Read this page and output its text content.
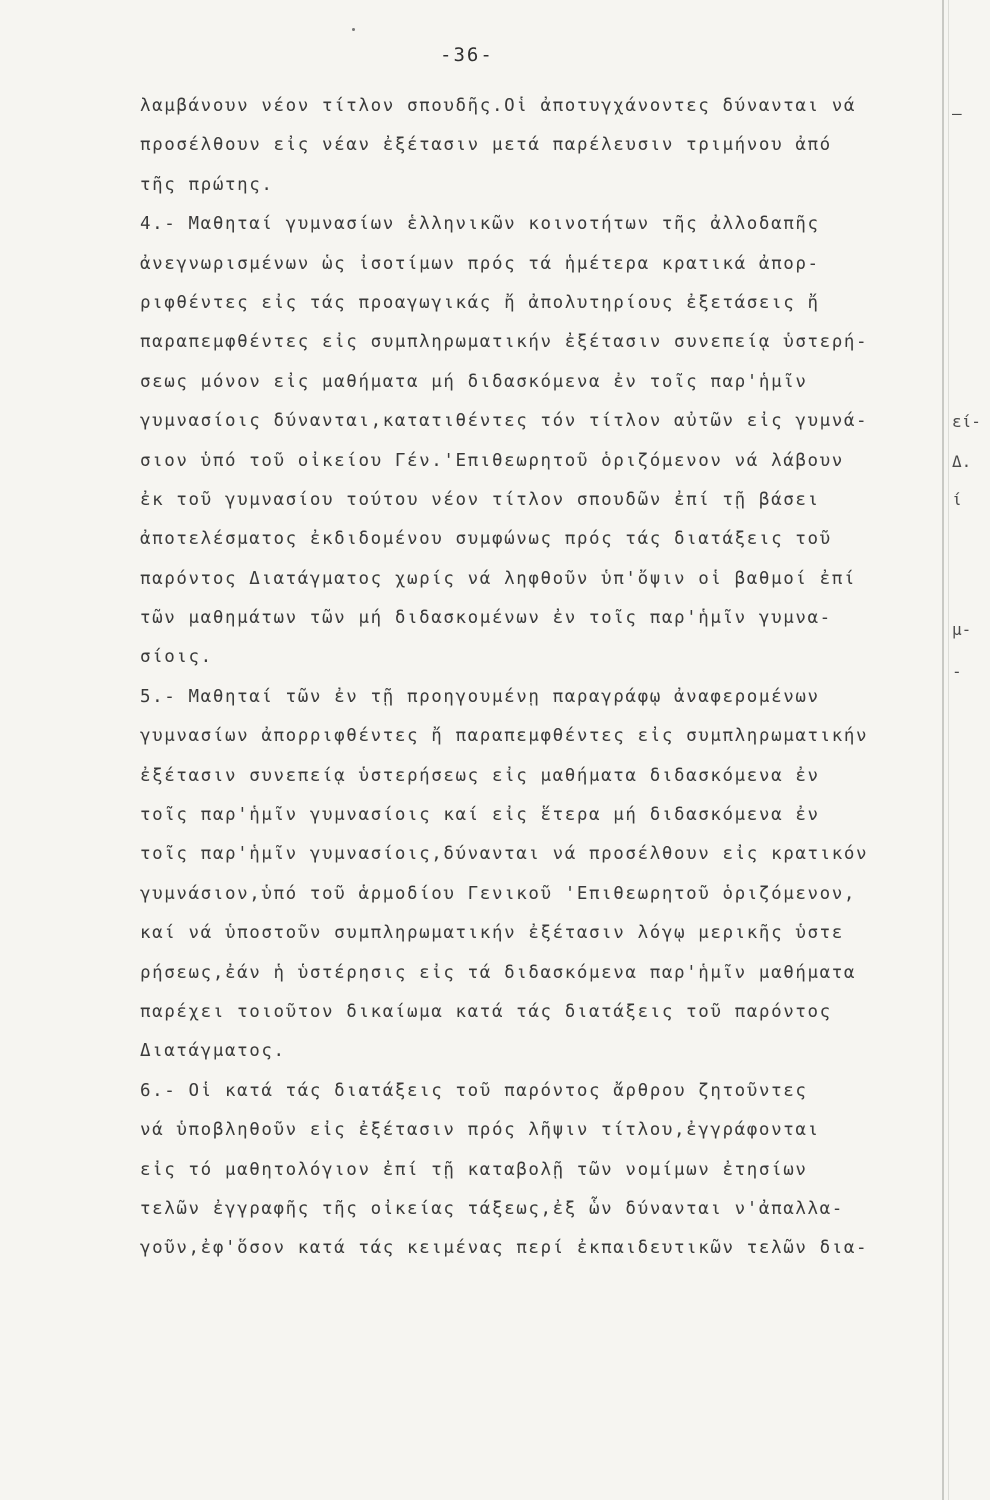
-36-
λαμβάνουν νέον τίτλον σπουδῆς.Οἱ ἀποτυγχάνοντες δύνανται νά
προσέλθουν εἰς νέαν ἐξέτασιν μετά παρέλευσιν τριμήνου ἀπό
τῆς πρώτης.
4.- Μαθηταί γυμνασίων ἑλληνικῶν κοινοτήτων τῆς ἀλλοδαπῆς
ἀνεγνωρισμένων ὡς ἰσοτίμων πρός τά ἡμέτερα κρατικά ἀπορ-
ριφθέντες εἰς τάς προαγωγικάς ἤ ἀπολυτηρίους ἐξετάσεις ἤ
παραπεμφθέντες εἰς συμπληρωματικήν ἐξέτασιν συνεπείᾳ ὑστερή-
σεως μόνον εἰς μαθήματα μή διδασκόμενα ἐν τοῖς παρ'ἡμῖν
γυμνασίοις δύνανται,κατατιθέντες τόν τίτλον αὐτῶν εἰς γυμνά-
σιον ὑπό τοῦ οἰκείου Γέν.'Επιθεωρητοῦ ὁριζόμενον νά λάβουν
ἐκ τοῦ γυμνασίου τούτου νέον τίτλον σπουδῶν ἐπί τῇ βάσει
ἀποτελέσματος ἐκδιδομένου συμφώνως πρός τάς διατάξεις τοῦ
παρόντος Διατάγματος χωρίς νά ληφθοῦν ὑπ'ὄψιν οἱ βαθμοί ἐπί
τῶν μαθημάτων τῶν μή διδασκομένων ἐν τοῖς παρ'ἡμῖν γυμνα-
σίοις.
5.- Μαθηταί τῶν ἐν τῇ προηγουμένῃ παραγράφῳ ἀναφερομένων
γυμνασίων ἀπορριφθέντες ἤ παραπεμφθέντες εἰς συμπληρωματικήν
ἐξέτασιν συνεπείᾳ ὑστερήσεως εἰς μαθήματα διδασκόμενα ἐν
τοῖς παρ'ἡμῖν γυμνασίοις καί εἰς ἕτερα μή διδασκόμενα ἐν
τοῖς παρ'ἡμῖν γυμνασίοις,δύνανται νά προσέλθουν εἰς κρατικόν
γυμνάσιον,ὑπό τοῦ ἁρμοδίου Γενικοῦ 'Επιθεωρητοῦ ὁριζόμενον,
καί νά ὑποστοῦν συμπληρωματικήν ἐξέτασιν λόγῳ μερικῆς ὑστε
ρήσεως,ἐάν ἡ ὑστέρησις εἰς τά διδασκόμενα παρ'ἡμῖν μαθήματα
παρέχει τοιοῦτον δικαίωμα κατά τάς διατάξεις τοῦ παρόντος
Διατάγματος.
6.- Οἱ κατά τάς διατάξεις τοῦ παρόντος ἄρθρου ζητοῦντες
νά ὑποβληθοῦν εἰς ἐξέτασιν πρός λῆψιν τίτλου,ἐγγράφονται
εἰς τό μαθητολόγιον ἐπί τῇ καταβολῇ τῶν νομίμων ἐτησίων
τελῶν ἐγγραφῆς τῆς οἰκείας τάξεως,ἐξ ὧν δύνανται ν'ἀπαλλα-
γοῦν,ἐφ'ὅσον κατά τάς κειμένας περί ἐκπαιδευτικῶν τελῶν δια-
—
εί-
Δ.
ί
μ-
-
